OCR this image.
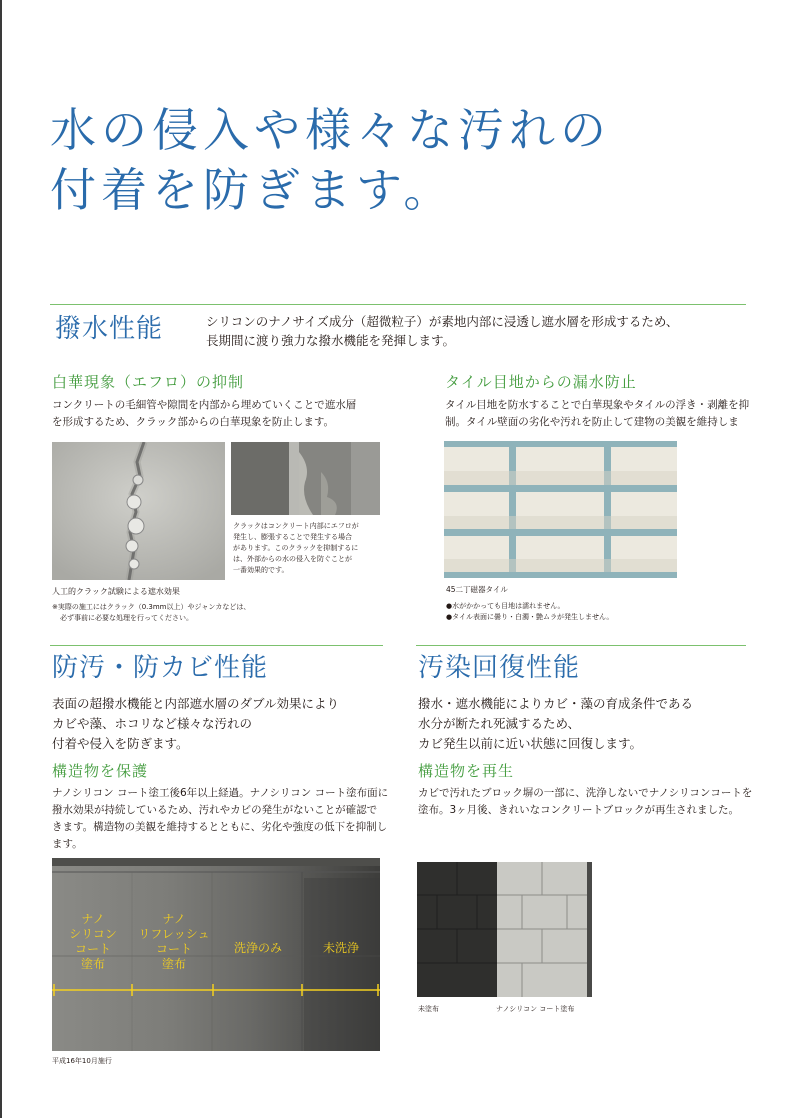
水の侵入や様々な汚れの
付着を防ぎます。
撥水性能	シリコンのナノサイズ成分（超微粒子）が素地内部に浸透し遮水層を形成するため、
長期間に渡り強力な撥水機能を発揮します。
白華現象（エフロ）の抑制
コンクリートの毛細管や隙間を内部から埋めていくことで遮水層
を形成するため、クラック部からの白華現象を防止します。
クラックはコンクリート内部にエフロが
発生し、膨張することで発生する場合
があります。このクラックを抑制するに
は、外部からの水の侵入を防ぐことが
一番効果的です。
人工的クラック試験による遮水効果
※実際の施工にはクラック（0.3mm以上）やジャンカなどは、
必ず事前に必要な処理を行ってください。
タイル目地からの漏水防止
タイル目地を防水することで白華現象やタイルの浮き・剥離を抑
制。タイル壁面の劣化や汚れを防止して建物の美観を維持しま
45二丁磁器タイル
●水がかかっても目地は濡れません。
●タイル表面に曇り・白濁・艶ムラが発生しません。
防汚・防カビ性能
表面の超撥水機能と内部遮水層のダブル効果により
カビや藻、ホコリなど様々な汚れの
付着や侵入を防ぎます。
構造物を保護
ナノシリコン コート塗工後6年以上経過。ナノシリコン コート塗布面に
撥水効果が持続しているため、汚れやカビの発生がないことが確認で
きます。構造物の美観を維持するとともに、劣化や強度の低下を抑制し
ます。
ナノ
シリコン
コート
塗布
ナノ
リフレッシュ
コート
塗布
洗浄のみ	未洗浄
平成16年10月施行
汚染回復性能
撥水・遮水機能によりカビ・藻の育成条件である
水分が断たれ死滅するため、
カビ発生以前に近い状態に回復します。
構造物を再生
カビで汚れたブロック塀の一部に、洗浄しないでナノシリコンコートを
塗布。3ヶ月後、きれいなコンクリートブロックが再生されました。
未塗布	ナノシリコン コート塗布
